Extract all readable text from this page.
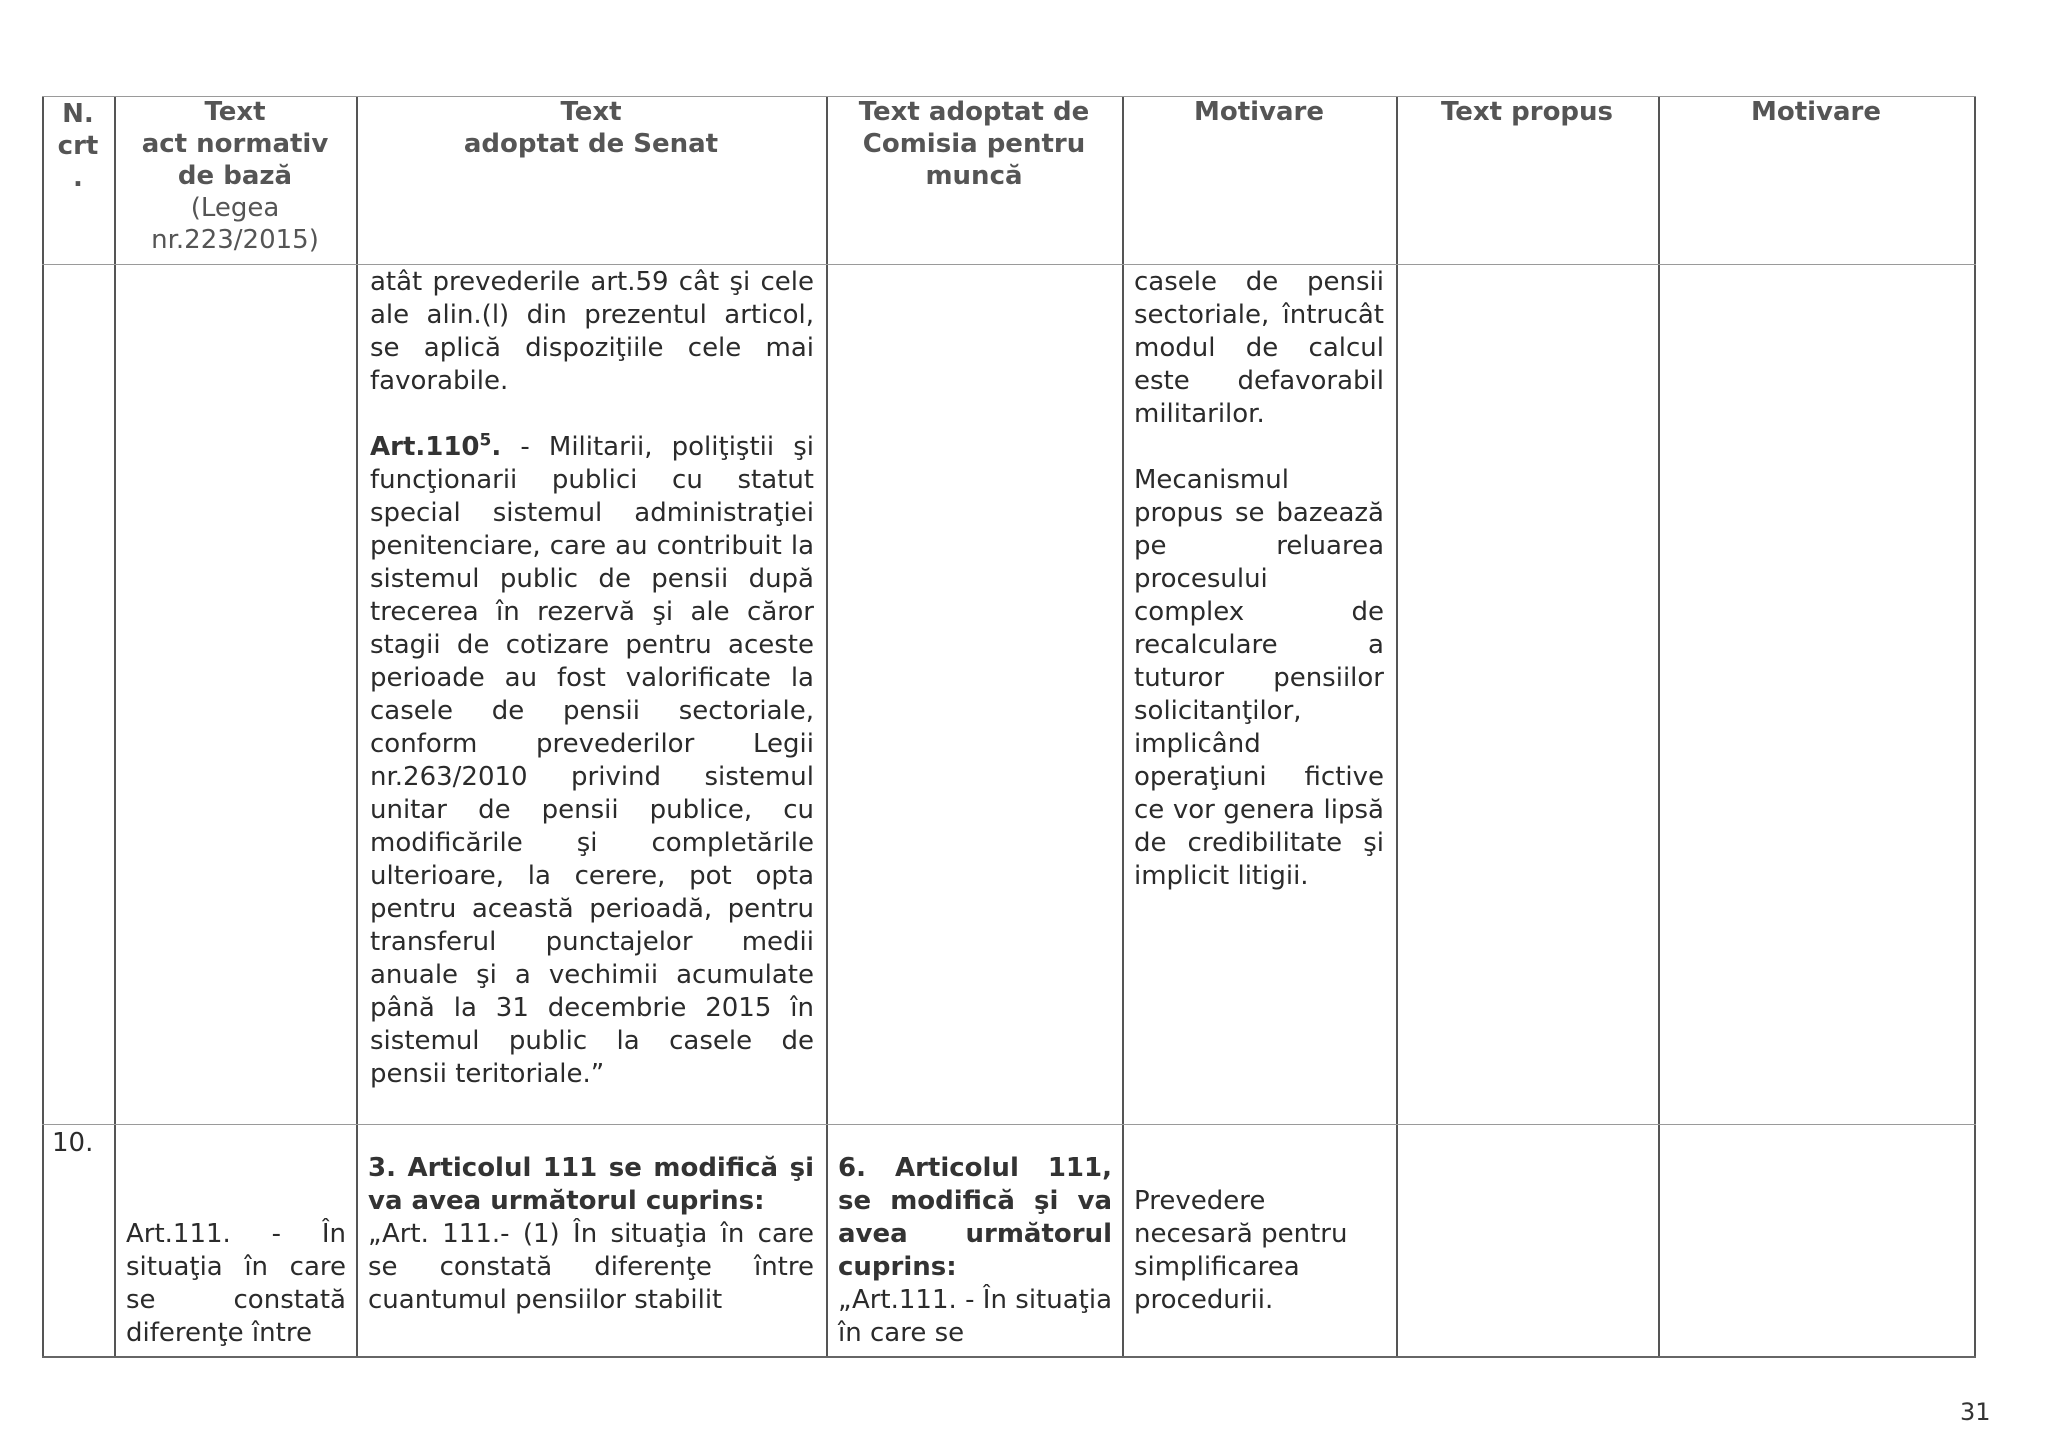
N.
crt
.
Text
act normativ
de bază
(Legea
nr.223/2015)
Text
adoptat de Senat
Text adoptat de
Comisia pentru
muncă
Motivare	Text propus	Motivare

atât prevederile art.59 cât şi cele ale alin.(l) din prezentul articol, se aplică dispoziţiile cele mai favorabile.

Art.110$^5$. - Militarii, poliţiştii şi funcţionarii publici cu statut special sistemul administraţiei penitenciare, care au contribuit la sistemul public de pensii după trecerea în rezervă şi ale căror stagii de cotizare pentru aceste perioade au fost valorificate la casele de pensii sectoriale, conform prevederilor Legii nr.263/2010 privind sistemul unitar de pensii publice, cu modificările şi completările ulterioare, la cerere, pot opta pentru această perioadă, pentru transferul punctajelor medii anuale şi a vechimii acumulate până la 31 decembrie 2015 în sistemul public la casele de pensii teritoriale.”

casele de pensii sectoriale, întrucât modul de calcul este defavorabil militarilor.

Mecanismul propus se bazează pe reluarea procesului complex de recalculare a tuturor pensiilor solicitanţilor, implicând operaţiuni fictive ce vor genera lipsă de credibilitate şi implicit litigii.

10.

Art.111. - În situaţia în care se constată diferenţe între

3. Articolul 111 se modifică şi va avea următorul cuprins:

„Art. 111.- (1) În situaţia în care se constată diferenţe între cuantumul pensiilor stabilit

6. Articolul 111, se modifică şi va avea următorul cuprins:

„Art.111. - În situaţia în care se

Prevedere necesară pentru simplificarea procedurii.
31
